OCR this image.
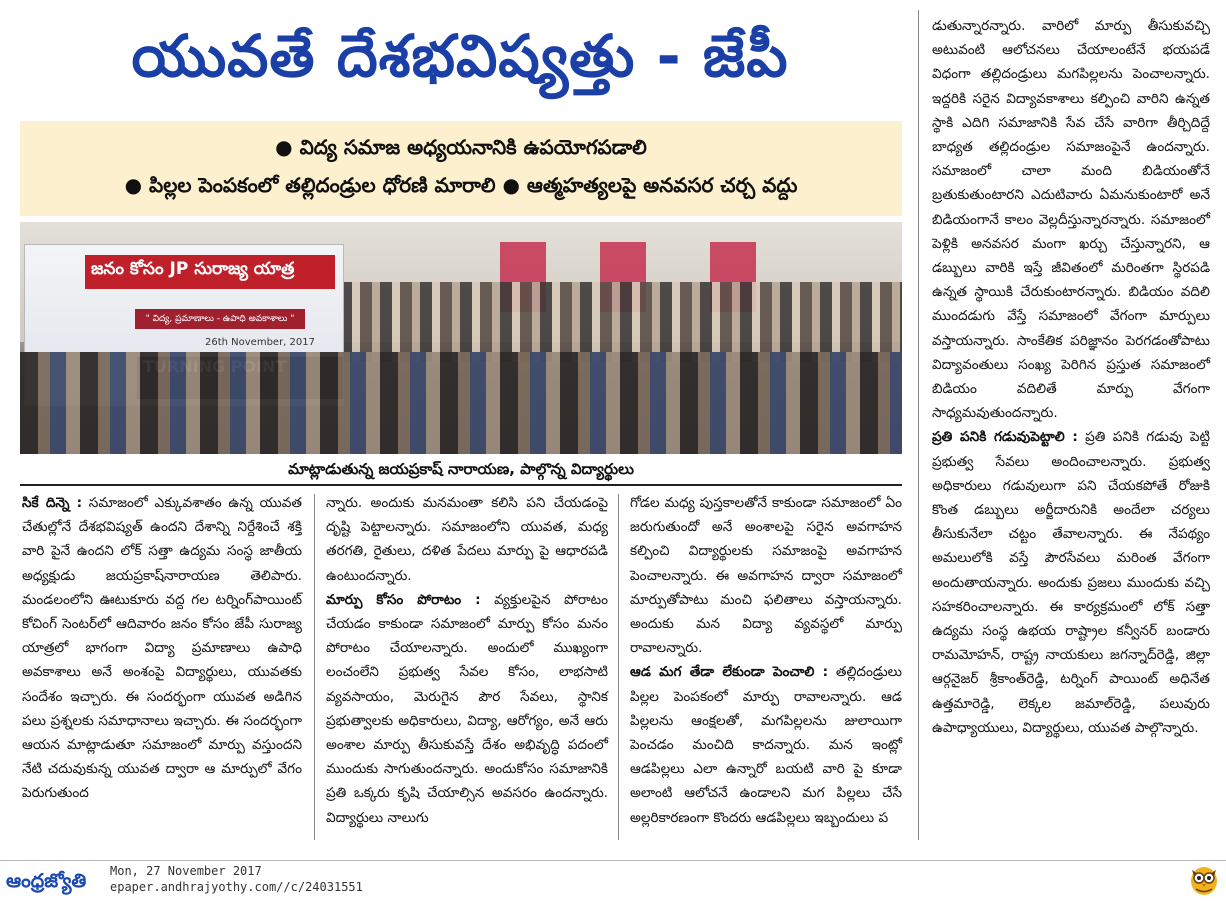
యువతే దేశభవిష్యత్తు - జేపీ
● విద్య సమాజ అధ్యయనానికి ఉపయోగపడాలి
● పిల్లల పెంపకంలో తల్లిదండ్రుల ధోరణి మారాలి ● ఆత్మహత్యలపై అనవసర చర్చ వద్దు
జనం కోసం JP సురాజ్య యాత్ర
" విద్య, ప్రమాణాలు - ఉపాధి అవకాశాలు "
26th November, 2017
మాట్లాడుతున్న జయప్రకాష్ నారాయణ, పాల్గొన్న విద్యార్థులు

సికే దిన్నె : సమాజంలో ఎక్కువశాతం ఉన్న యువత చేతుల్లోనే దేశభవిష్యత్ ఉందని దేశాన్ని నిర్దేశించే శక్తి వారి పైనే ఉందని లోక్ సత్తా ఉద్యమ సంస్థ జాతీయ అధ్యక్షుడు జయప్రకాష్‌నారాయణ తెలిపారు. మండలంలోని ఊటుకూరు వద్ద గల టర్నింగ్‌పాయింట్ కోచింగ్ సెంటర్‌లో ఆదివారం జనం కోసం జేపీ సురాజ్య యాత్రలో భాగంగా విద్యా ప్రమాణాలు ఉపాధి అవకాశాలు అనే అంశంపై విద్యార్థులు, యువతకు సందేశం ఇచ్చారు. ఈ సందర్భంగా యువత అడిగిన పలు ప్రశ్నలకు సమాధానాలు ఇచ్చారు. ఈ సందర్భంగా ఆయన మాట్లాడుతూ సమాజంలో మార్పు వస్తుందని నేటి చదువుకున్న యువత ద్వారా ఆ మార్పులో వేగం పెరుగుతుంద

న్నారు. అందుకు మనమంతా కలిసి పని చేయడంపై దృష్టి పెట్టాలన్నారు. సమాజంలోని యువత, మధ్య తరగతి, రైతులు, దళిత పేదలు మార్పు పై ఆధారపడి ఉంటుందన్నారు.

మార్పు కోసం పోరాటం : వ్యక్తులపైన పోరాటం చేయడం కాకుండా సమాజంలో మార్పు కోసం మనం పోరాటం చేయాలన్నారు. అందులో ముఖ్యంగా లంచంలేని ప్రభుత్వ సేవల కోసం, లాభసాటి వ్యవసాయం, మెరుగైన పౌర సేవలు, స్థానిక ప్రభుత్వాలకు అధికారులు, విద్యా, ఆరోగ్యం, అనే ఆరు అంశాల మార్పు తీసుకువస్తే దేశం అభివృద్ధి పదంలో ముందుకు సాగుతుందన్నారు. అందుకోసం సమాజానికి ప్రతి ఒక్కరు కృషి చేయాల్సిన అవసరం ఉందన్నారు. విద్యార్థులు నాలుగు

గోడల మధ్య పుస్తకాలతోనే కాకుండా సమాజంలో ఏం జరుగుతుందో అనే అంశాలపై సరైన అవగాహన కల్పించి విద్యార్థులకు సమాజంపై అవగాహన పెంచాలన్నారు. ఈ అవగాహన ద్వారా సమాజంలో మార్పుతోపాటు మంచి ఫలితాలు వస్తాయన్నారు. అందుకు మన విద్యా వ్యవస్థలో మార్పు రావాలన్నారు.

ఆడ మగ తేడా లేకుండా పెంచాలి : తల్లిదండ్రులు పిల్లల పెంపకంలో మార్పు రావాలన్నారు. ఆడ పిల్లలను ఆంక్షలతో, మగపిల్లలను జులాయిగా పెంచడం మంచిది కాదన్నారు. మన ఇంట్లో ఆడపిల్లలు ఎలా ఉన్నారో బయటి వారి పై కూడా అలాంటి ఆలోచనే ఉండాలని మగ పిల్లలు చేసే అల్లరికారణంగా కొందరు ఆడపిల్లలు ఇబ్బందులు ప

డుతున్నారన్నారు. వారిలో మార్పు తీసుకువచ్చి అటువంటి ఆలోచనలు చేయాలంటేనే భయపడే విధంగా తల్లిదండ్రులు మగపిల్లలను పెంచాలన్నారు. ఇద్దరికి సరైన విద్యావకాశాలు కల్పించి వారిని ఉన్నత స్థాకి ఎదిగి సమాజానికి సేవ చేసే వారిగా తీర్చిదిద్దే బాధ్యత తల్లిదండ్రుల సమాజంపైనే ఉందన్నారు. సమాజంలో చాలా మంది బిడియంతోనే బ్రతుకుతుంటారని ఎదుటివారు ఏమనుకుంటారో అనే బిడియంగానే కాలం వెల్లదీస్తున్నారన్నారు. సమాజంలో పెళ్లికి అనవసర మంగా ఖర్చు చేస్తున్నారని, ఆ డబ్బులు వారికి ఇస్తే జీవితంలో మరింతగా స్థిరపడి ఉన్నత స్థాయికి చేరుకుంటారన్నారు. బిడియం వదిలి ముందడుగు వేస్తే సమాజంలో వేగంగా మార్పులు వస్తాయన్నారు. సాంకేతిక పరిజ్ఞానం పెరగడంతోపాటు విద్యావంతులు సంఖ్య పెరిగిన ప్రస్తుత సమాజంలో బిడియం వదిలితే మార్పు వేగంగా సాధ్యమవుతుందన్నారు.

ప్రతి పనికి గడువుపెట్టాలి : ప్రతి పనికి గడువు పెట్టి ప్రభుత్వ సేవలు అందించాలన్నారు. ప్రభుత్వ అధికారులు గడువులుగా పని చేయకపోతే రోజుకి కొంత డబ్బులు అర్జీదారునికి అందేలా చర్యలు తీసుకునేలా చట్టం తేవాలన్నారు. ఈ నేపథ్యం అమలులోకి వస్తే పౌరసేవలు మరింత వేగంగా అందుతాయన్నారు. అందుకు ప్రజలు ముందుకు వచ్చి సహకరించాలన్నారు. ఈ కార్యక్రమంలో లోక్ సత్తా ఉద్యమ సంస్థ ఉభయ రాష్ట్రాల కన్వీనర్ బండారు రామమోహన్, రాష్ట్ర నాయకులు జగన్నాద్‌రెడ్డి, జిల్లా ఆర్గనైజర్ శ్రీకాంత్‌రెడ్డి, టర్నింగ్ పాయింట్ అధినేత ఉత్తమారెడ్డి, లెక్కల జమాల్‌రెడ్డి, పలువురు ఉపాధ్యాయులు, విద్యార్థులు, యువత పాల్గొన్నారు.

ఆంధ్రజ్యోతి	Mon, 27 November 2017
epaper.andhrajyothy.com//c/24031551
